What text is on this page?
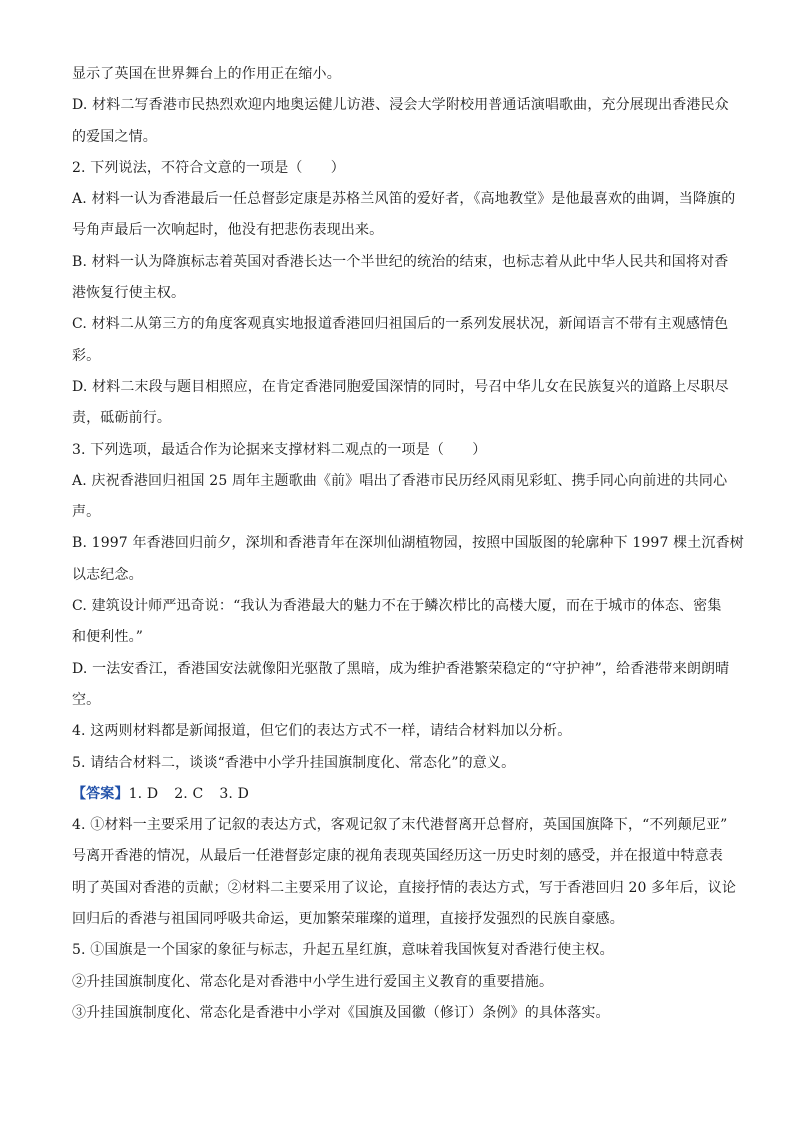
显示了英国在世界舞台上的作用正在缩小。
D. 材料二写香港市民热烈欢迎内地奥运健儿访港、浸会大学附校用普通话演唱歌曲，充分展现出香港民众
的爱国之情。
2. 下列说法，不符合文意的一项是（　　）
A. 材料一认为香港最后一任总督彭定康是苏格兰风笛的爱好者，《高地教堂》是他最喜欢的曲调，当降旗的
号角声最后一次响起时，他没有把悲伤表现出来。
B. 材料一认为降旗标志着英国对香港长达一个半世纪的统治的结束，也标志着从此中华人民共和国将对香
港恢复行使主权。
C. 材料二从第三方的角度客观真实地报道香港回归祖国后的一系列发展状况，新闻语言不带有主观感情色
彩。
D. 材料二末段与题目相照应，在肯定香港同胞爱国深情的同时，号召中华儿女在民族复兴的道路上尽职尽
责，砥砺前行。
3. 下列选项，最适合作为论据来支撑材料二观点的一项是（　　）
A. 庆祝香港回归祖国 25 周年主题歌曲《前》唱出了香港市民历经风雨见彩虹、携手同心向前进的共同心
声。
B. 1997 年香港回归前夕，深圳和香港青年在深圳仙湖植物园，按照中国版图的轮廓种下 1997 棵土沉香树
以志纪念。
C. 建筑设计师严迅奇说：“我认为香港最大的魅力不在于鳞次栉比的高楼大厦，而在于城市的体态、密集
和便利性。”
D. 一法安香江，香港国安法就像阳光驱散了黑暗，成为维护香港繁荣稳定的“守护神”，给香港带来朗朗晴
空。
4. 这两则材料都是新闻报道，但它们的表达方式不一样，请结合材料加以分析。
5. 请结合材料二，谈谈“香港中小学升挂国旗制度化、常态化”的意义。
【答案】1. D 2. C 3. D
4. ①材料一主要采用了记叙的表达方式，客观记叙了末代港督离开总督府，英国国旗降下，“不列颠尼亚”
号离开香港的情况，从最后一任港督彭定康的视角表现英国经历这一历史时刻的感受，并在报道中特意表
明了英国对香港的贡献；②材料二主要采用了议论，直接抒情的表达方式，写于香港回归 20 多年后，议论
回归后的香港与祖国同呼吸共命运，更加繁荣璀璨的道理，直接抒发强烈的民族自豪感。
5. ①国旗是一个国家的象征与标志，升起五星红旗，意味着我国恢复对香港行使主权。
②升挂国旗制度化、常态化是对香港中小学生进行爱国主义教育的重要措施。
③升挂国旗制度化、常态化是香港中小学对《国旗及国徽（修订）条例》的具体落实。
